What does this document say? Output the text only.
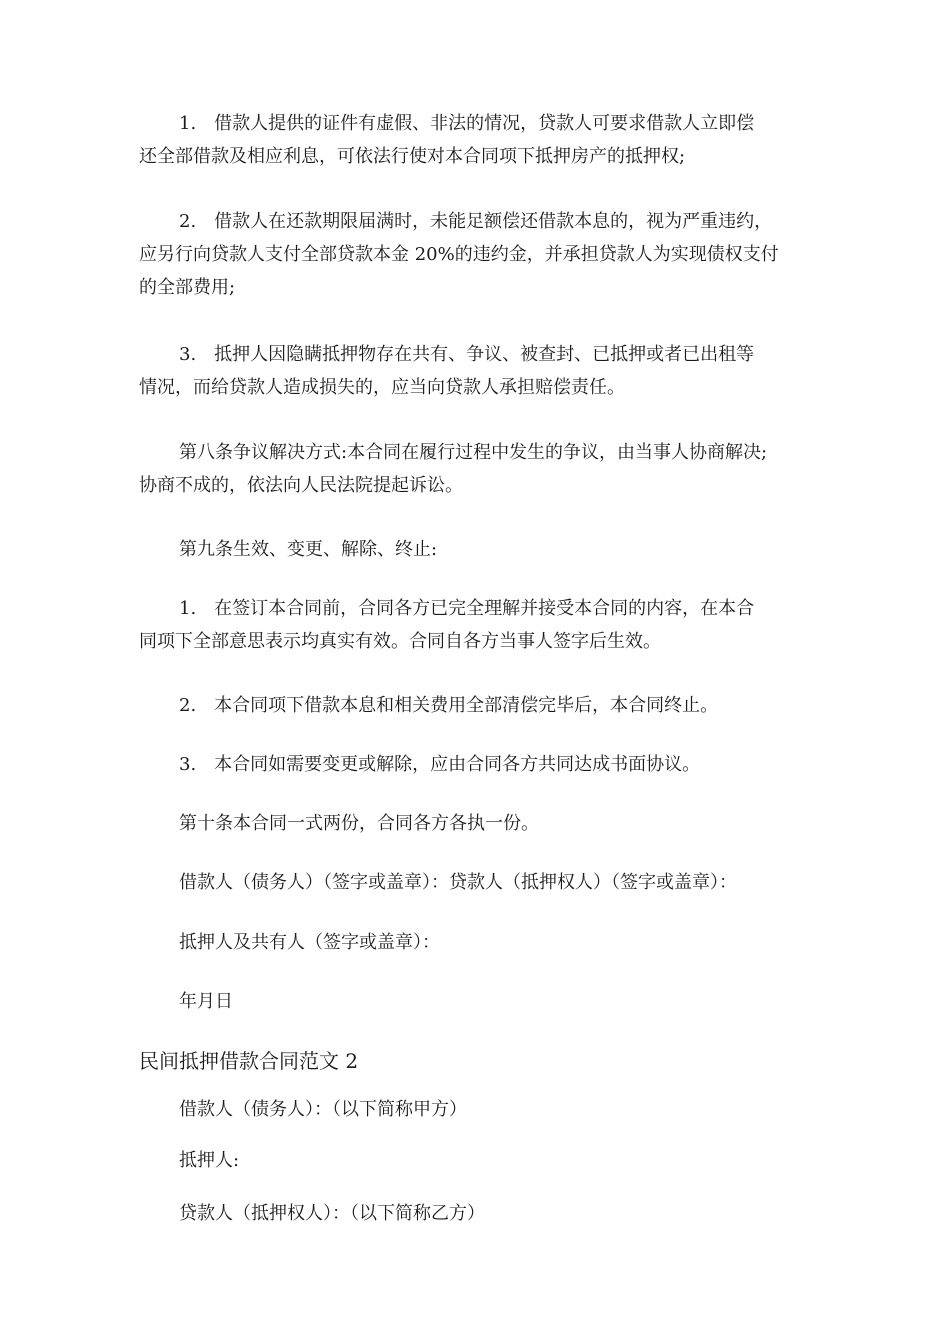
1.　借款人提供的证件有虚假、非法的情况，贷款人可要求借款人立即偿
还全部借款及相应利息，可依法行使对本合同项下抵押房产的抵押权;

2.　借款人在还款期限届满时，未能足额偿还借款本息的，视为严重违约，
应另行向贷款人支付全部贷款本金 20%的违约金，并承担贷款人为实现债权支付
的全部费用;

3.　抵押人因隐瞒抵押物存在共有、争议、被查封、已抵押或者已出租等
情况，而给贷款人造成损失的，应当向贷款人承担赔偿责任。

第八条争议解决方式:本合同在履行过程中发生的争议，由当事人协商解决;
协商不成的，依法向人民法院提起诉讼。

第九条生效、变更、解除、终止:

1.　在签订本合同前，合同各方已完全理解并接受本合同的内容，在本合
同项下全部意思表示均真实有效。合同自各方当事人签字后生效。

2.　本合同项下借款本息和相关费用全部清偿完毕后，本合同终止。

3.　本合同如需要变更或解除，应由合同各方共同达成书面协议。

第十条本合同一式两份，合同各方各执一份。

借款人（债务人）（签字或盖章）：贷款人（抵押权人）（签字或盖章）：

抵押人及共有人（签字或盖章）：

年月日

民间抵押借款合同范文 2

借款人（债务人）：（以下简称甲方）

抵押人:

贷款人（抵押权人）：（以下简称乙方）
